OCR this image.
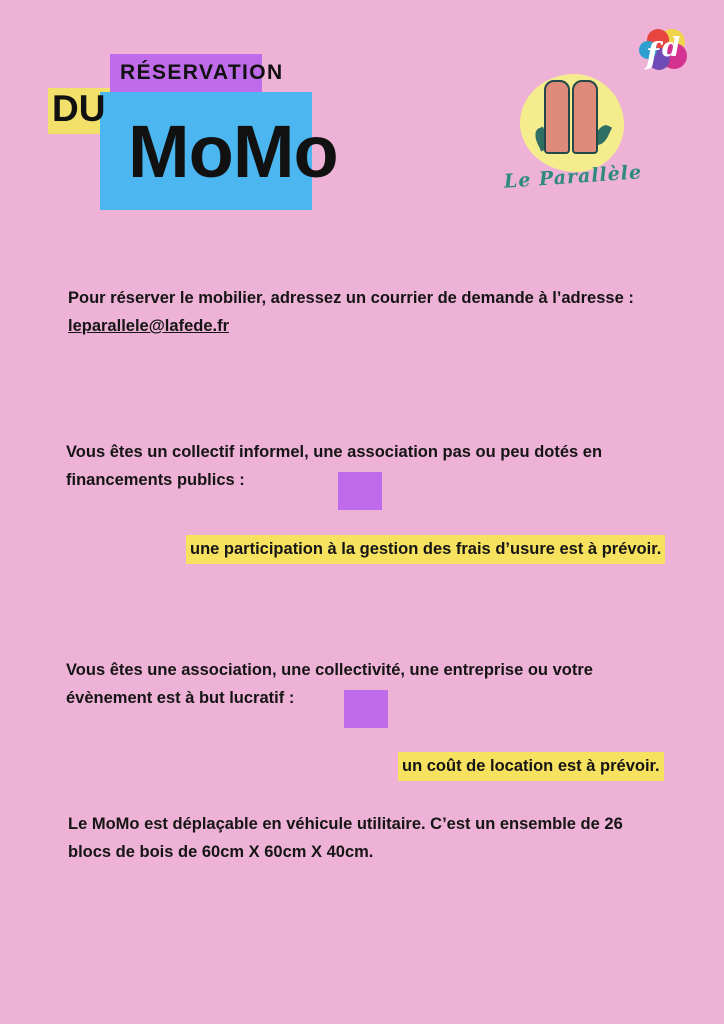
DU
RÉSERVATION
MoMo
f d
Le Parallèle
Pour réserver le mobilier, adressez un courrier de demande à l’adresse :
leparallele@lafede.fr
Vous êtes un collectif informel, une association pas ou peu dotés en
financements publics :
une participation à la gestion des frais d’usure est à prévoir.
Vous êtes une association, une collectivité, une entreprise ou votre
évènement est à but lucratif :
un coût de location est à prévoir.
Le MoMo est déplaçable en véhicule utilitaire. C’est un ensemble de 26
blocs de bois de 60cm X 60cm X 40cm.
